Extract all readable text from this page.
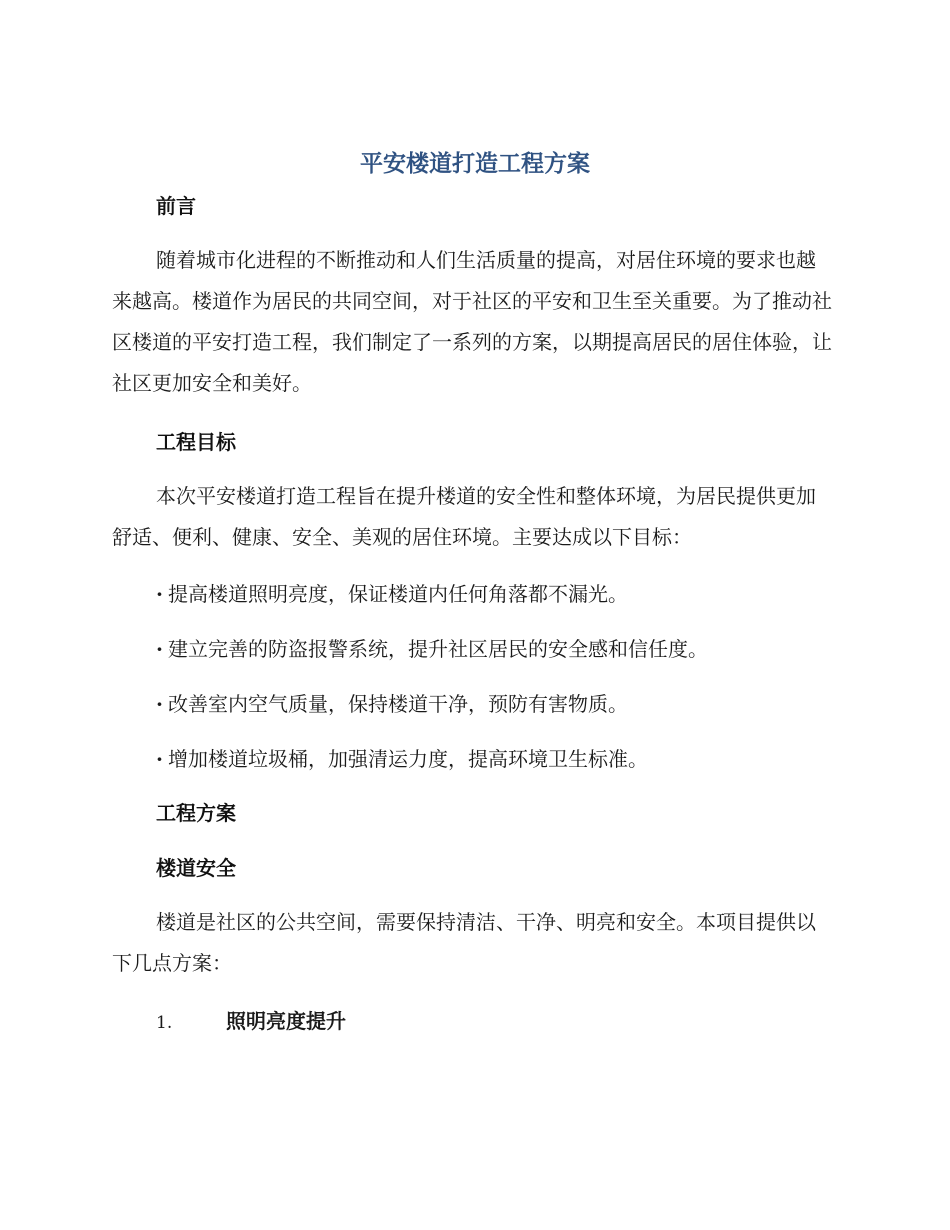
平安楼道打造工程方案
前言

随着城市化进程的不断推动和人们生活质量的提高，对居住环境的要求也越来越高。楼道作为居民的共同空间，对于社区的平安和卫生至关重要。为了推动社区楼道的平安打造工程，我们制定了一系列的方案，以期提高居民的居住体验，让社区更加安全和美好。

工程目标

本次平安楼道打造工程旨在提升楼道的安全性和整体环境，为居民提供更加舒适、便利、健康、安全、美观的居住环境。主要达成以下目标：

· 提高楼道照明亮度，保证楼道内任何角落都不漏光。

· 建立完善的防盗报警系统，提升社区居民的安全感和信任度。

· 改善室内空气质量，保持楼道干净，预防有害物质。

· 增加楼道垃圾桶，加强清运力度，提高环境卫生标准。

工程方案
楼道安全

楼道是社区的公共空间，需要保持清洁、干净、明亮和安全。本项目提供以下几点方案：

1.	照明亮度提升
